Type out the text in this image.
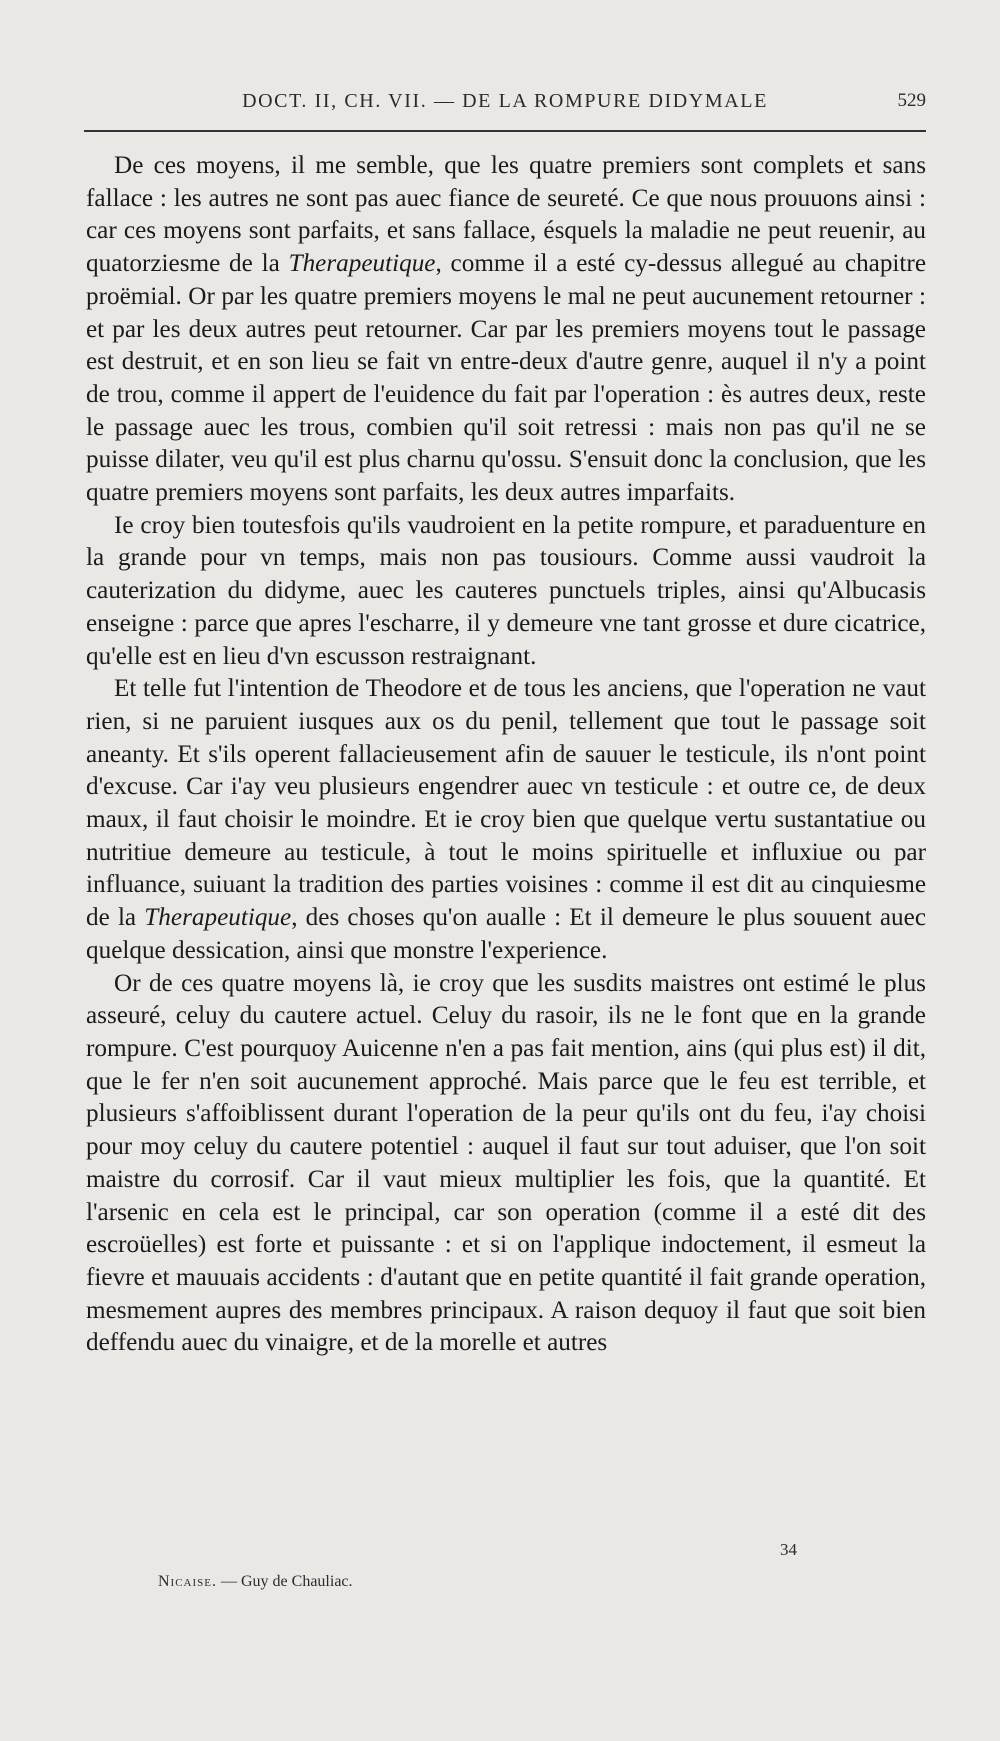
DOCT. II, CH. VII. — DE LA ROMPURE DIDYMALE	529

De ces moyens, il me semble, que les quatre premiers sont complets et sans fallace : les autres ne sont pas auec fiance de seureté. Ce que nous prouuons ainsi : car ces moyens sont parfaits, et sans fallace, ésquels la maladie ne peut reuenir, au quatorziesme de la Therapeutique, comme il a esté cy-dessus allegué au chapitre proëmial. Or par les quatre premiers moyens le mal ne peut aucunement retourner : et par les deux autres peut retourner. Car par les premiers moyens tout le passage est destruit, et en son lieu se fait vn entre-deux d'autre genre, auquel il n'y a point de trou, comme il appert de l'euidence du fait par l'operation : ès autres deux, reste le passage auec les trous, combien qu'il soit retressi : mais non pas qu'il ne se puisse dilater, veu qu'il est plus charnu qu'ossu. S'ensuit donc la conclusion, que les quatre premiers moyens sont parfaits, les deux autres imparfaits.

Ie croy bien toutesfois qu'ils vaudroient en la petite rompure, et paraduenture en la grande pour vn temps, mais non pas tousiours. Comme aussi vaudroit la cauterization du didyme, auec les cauteres punctuels triples, ainsi qu'Albucasis enseigne : parce que apres l'escharre, il y demeure vne tant grosse et dure cicatrice, qu'elle est en lieu d'vn escusson restraignant.

Et telle fut l'intention de Theodore et de tous les anciens, que l'operation ne vaut rien, si ne paruient iusques aux os du penil, tellement que tout le passage soit aneanty. Et s'ils operent fallacieusement afin de sauuer le testicule, ils n'ont point d'excuse. Car i'ay veu plusieurs engendrer auec vn testicule : et outre ce, de deux maux, il faut choisir le moindre. Et ie croy bien que quelque vertu sustantatiue ou nutritiue demeure au testicule, à tout le moins spirituelle et influxiue ou par influance, suiuant la tradition des parties voisines : comme il est dit au cinquiesme de la Therapeutique, des choses qu'on aualle : Et il demeure le plus souuent auec quelque dessication, ainsi que monstre l'experience.

Or de ces quatre moyens là, ie croy que les susdits maistres ont estimé le plus asseuré, celuy du cautere actuel. Celuy du rasoir, ils ne le font que en la grande rompure. C'est pourquoy Auicenne n'en a pas fait mention, ains (qui plus est) il dit, que le fer n'en soit aucunement approché. Mais parce que le feu est terrible, et plusieurs s'affoiblissent durant l'operation de la peur qu'ils ont du feu, i'ay choisi pour moy celuy du cautere potentiel : auquel il faut sur tout aduiser, que l'on soit maistre du corrosif. Car il vaut mieux multiplier les fois, que la quantité. Et l'arsenic en cela est le principal, car son operation (comme il a esté dit des escroüelles) est forte et puissante : et si on l'applique indoctement, il esmeut la fievre et mauuais accidents : d'autant que en petite quantité il fait grande operation, mesmement aupres des membres principaux. A raison dequoy il faut que soit bien deffendu auec du vinaigre, et de la morelle et autres

34
Nicaise. — Guy de Chauliac.
